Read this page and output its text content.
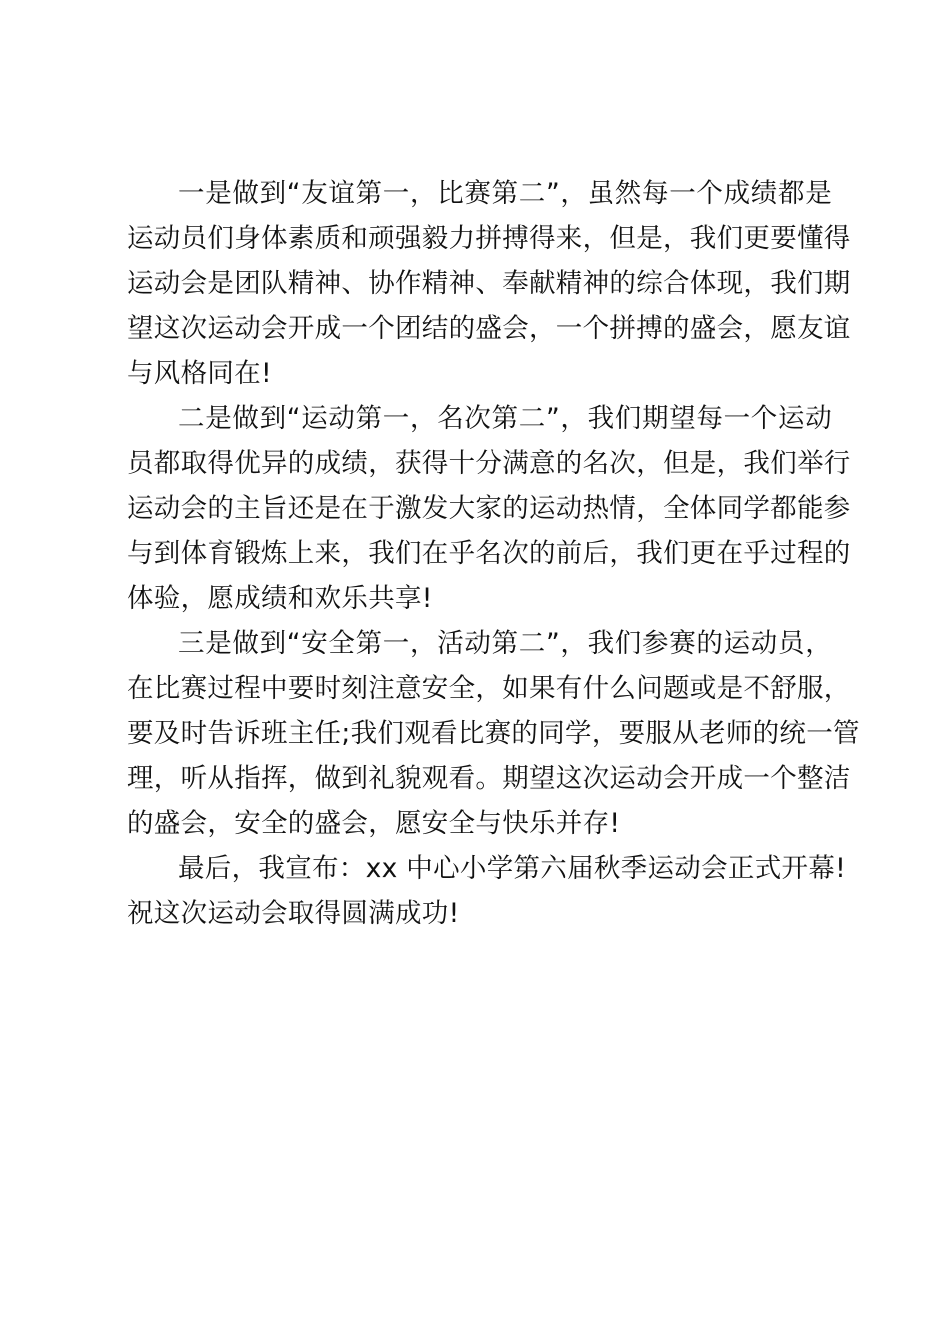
一是做到“友谊第一，比赛第二”，虽然每一个成绩都是
运动员们身体素质和顽强毅力拼搏得来，但是，我们更要懂得
运动会是团队精神、协作精神、奉献精神的综合体现，我们期
望这次运动会开成一个团结的盛会，一个拼搏的盛会，愿友谊
与风格同在!
二是做到“运动第一，名次第二”，我们期望每一个运动
员都取得优异的成绩，获得十分满意的名次，但是，我们举行
运动会的主旨还是在于激发大家的运动热情，全体同学都能参
与到体育锻炼上来，我们在乎名次的前后，我们更在乎过程的
体验，愿成绩和欢乐共享!
三是做到“安全第一，活动第二”，我们参赛的运动员，
在比赛过程中要时刻注意安全，如果有什么问题或是不舒服，
要及时告诉班主任;我们观看比赛的同学，要服从老师的统一管
理，听从指挥，做到礼貌观看。期望这次运动会开成一个整洁
的盛会，安全的盛会，愿安全与快乐并存!
最后，我宣布：xx 中心小学第六届秋季运动会正式开幕!
祝这次运动会取得圆满成功!
